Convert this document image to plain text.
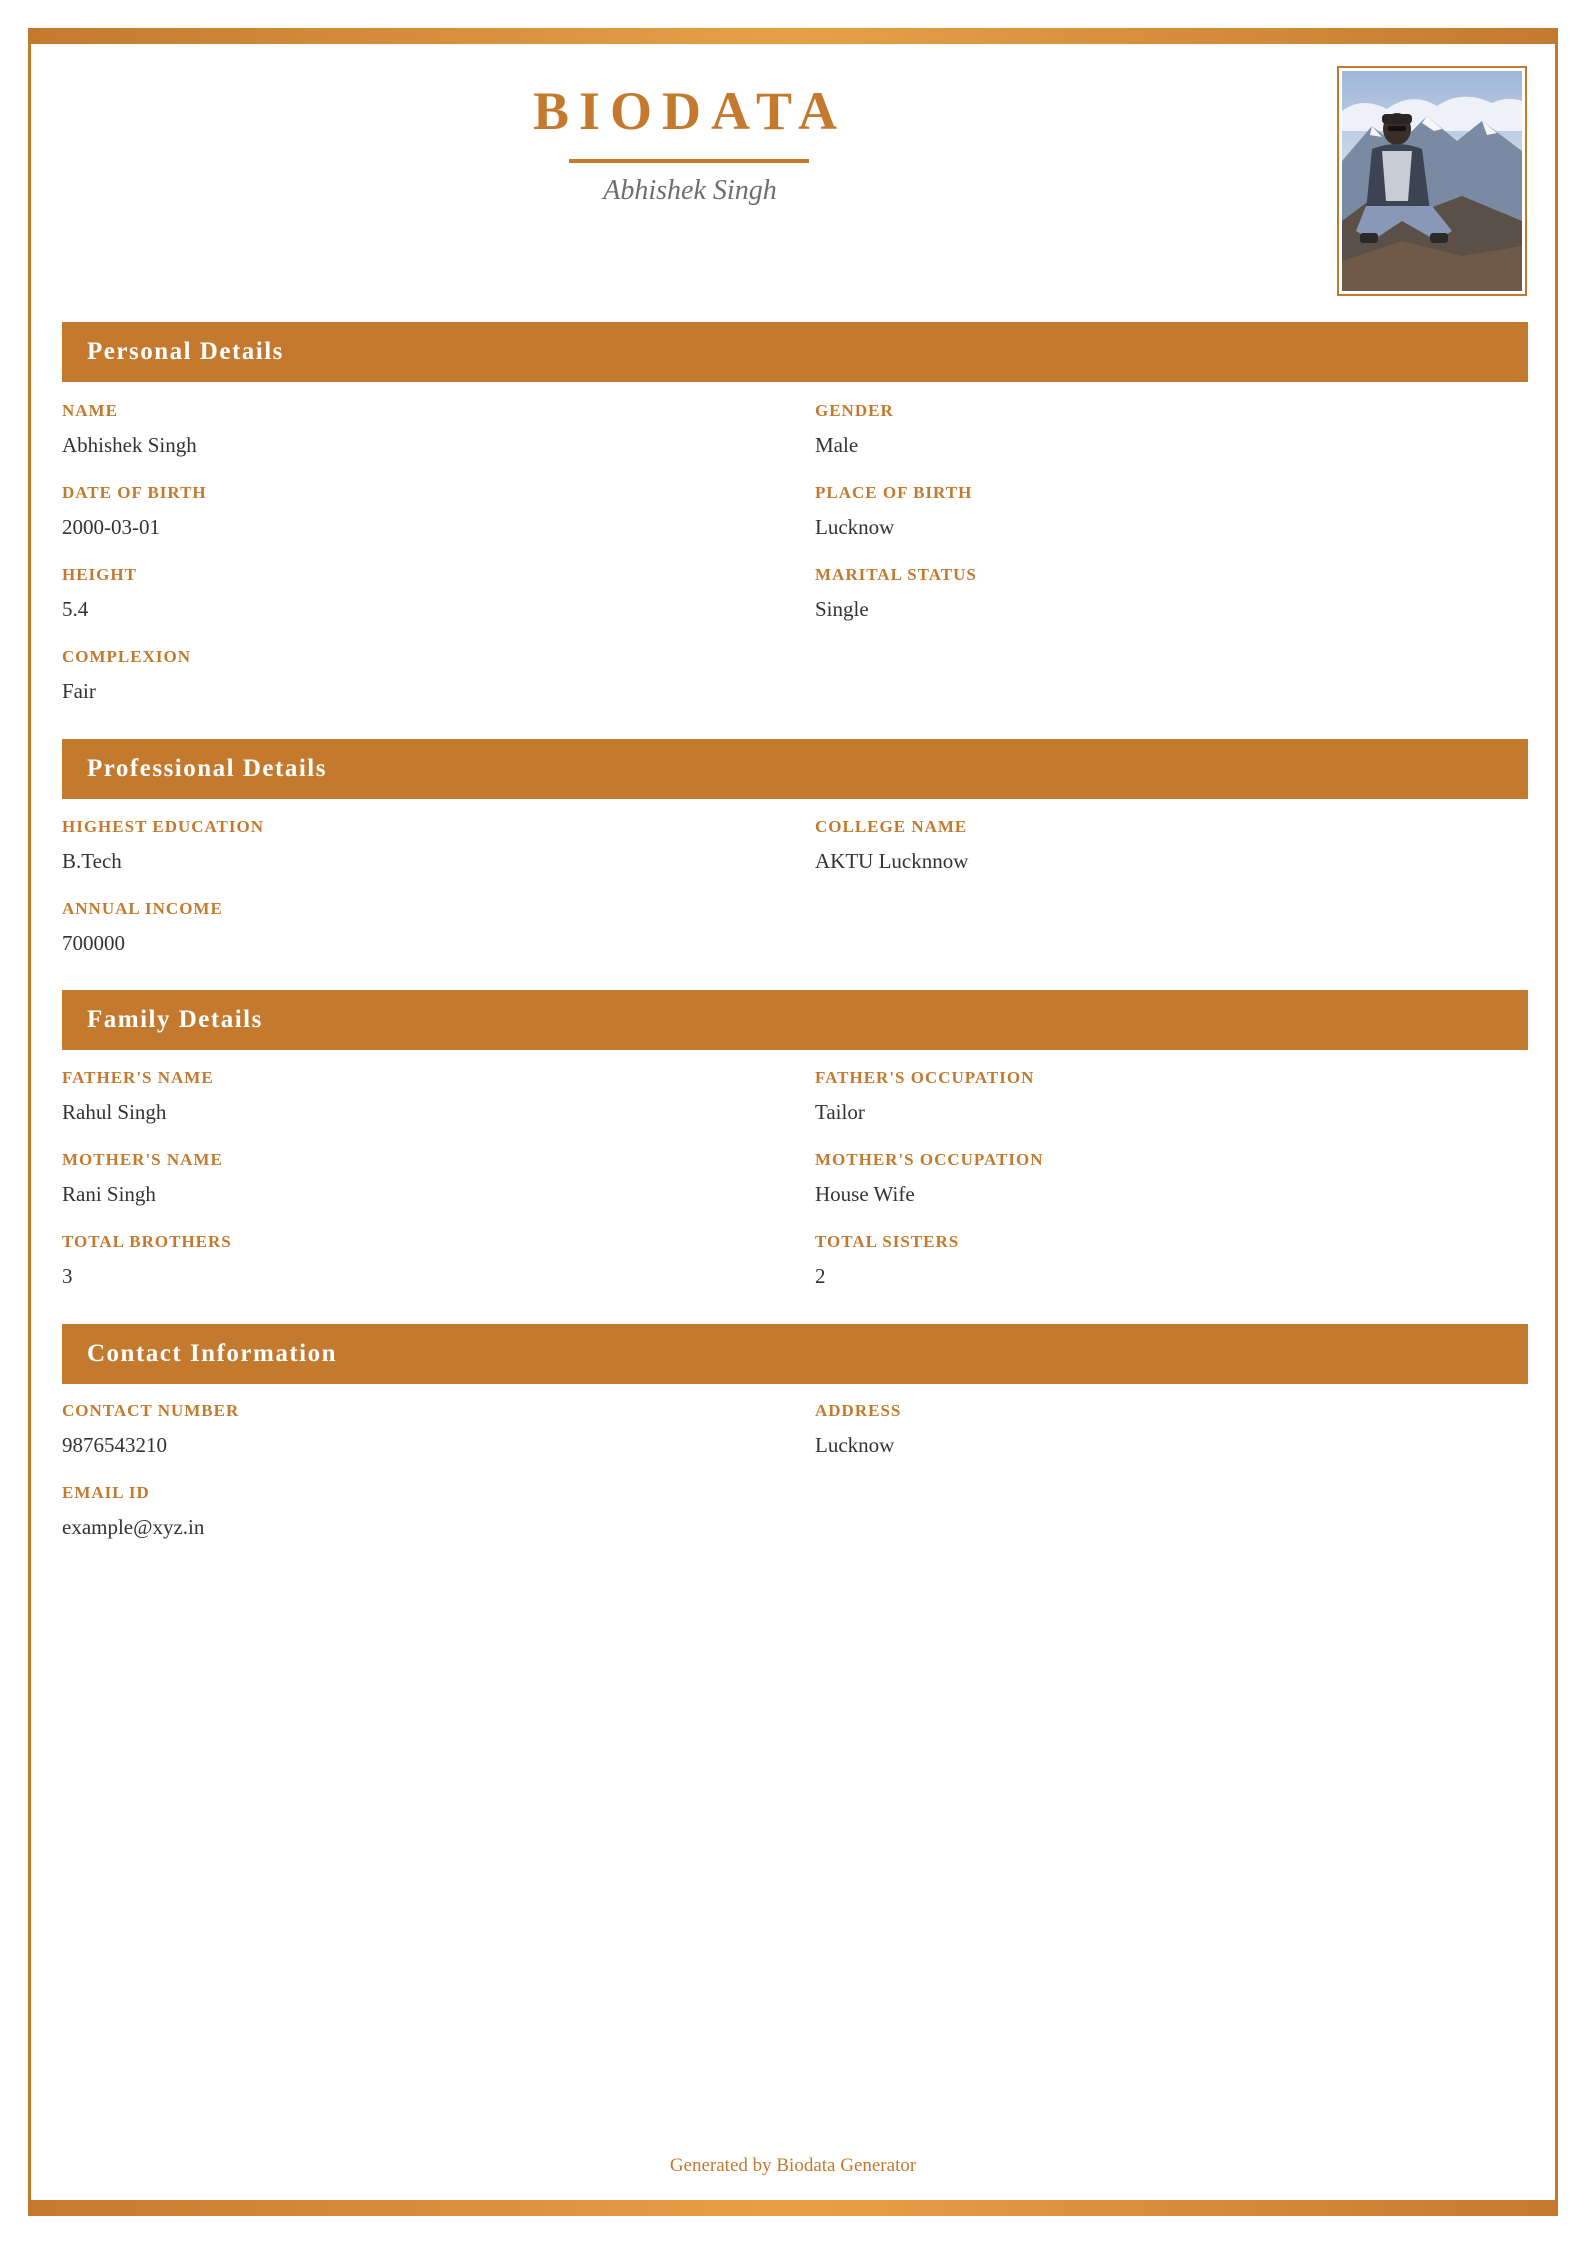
BIODATA
Abhishek Singh
Personal Details
NAME
Abhishek Singh
GENDER
Male
DATE OF BIRTH
2000-03-01
PLACE OF BIRTH
Lucknow
HEIGHT
5.4
MARITAL STATUS
Single
COMPLEXION
Fair
Professional Details
HIGHEST EDUCATION
B.Tech
COLLEGE NAME
AKTU Lucknnow
ANNUAL INCOME
700000
Family Details
FATHER'S NAME
Rahul Singh
FATHER'S OCCUPATION
Tailor
MOTHER'S NAME
Rani Singh
MOTHER'S OCCUPATION
House Wife
TOTAL BROTHERS
3
TOTAL SISTERS
2
Contact Information
CONTACT NUMBER
9876543210
ADDRESS
Lucknow
EMAIL ID
example@xyz.in
Generated by Biodata Generator
